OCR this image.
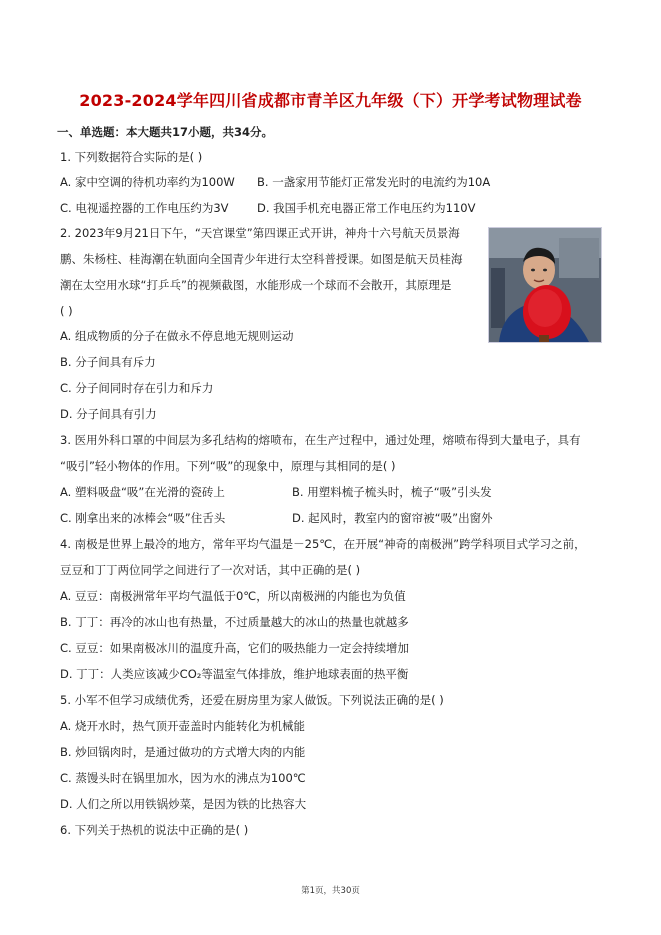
2023-2024学年四川省成都市青羊区九年级（下）开学考试物理试卷
一、单选题：本大题共17小题，共34分。
1. 下列数据符合实际的是( )
A. 家中空调的待机功率约为100W B. 一盏家用节能灯正常发光时的电流约为10A
C. 电视遥控器的工作电压约为3V D. 我国手机充电器正常工作电压约为110V
2. 2023年9月21日下午，“天宫课堂”第四课正式开讲，神舟十六号航天员景海
鹏、朱杨柱、桂海潮在轨面向全国青少年进行太空科普授课。如图是航天员桂海
潮在太空用水球“打乒乓”的视频截图，水能形成一个球而不会散开，其原理是
( )
A. 组成物质的分子在做永不停息地无规则运动
B. 分子间具有斥力
C. 分子间同时存在引力和斥力
D. 分子间具有引力
3. 医用外科口罩的中间层为多孔结构的熔喷布，在生产过程中，通过处理，熔喷布得到大量电子，具有
“吸引”轻小物体的作用。下列“吸”的现象中，原理与其相同的是( )
A. 塑料吸盘“吸”在光滑的瓷砖上	B. 用塑料梳子梳头时，梳子“吸”引头发
C. 刚拿出来的冰棒会“吸”住舌头	D. 起风时，教室内的窗帘被“吸”出窗外
4. 南极是世界上最冷的地方，常年平均气温是－25℃，在开展“神奇的南极洲”跨学科项目式学习之前，
豆豆和丁丁两位同学之间进行了一次对话，其中正确的是( )
A. 豆豆：南极洲常年平均气温低于0℃，所以南极洲的内能也为负值
B. 丁丁：再冷的冰山也有热量，不过质量越大的冰山的热量也就越多
C. 豆豆：如果南极冰川的温度升高，它们的吸热能力一定会持续增加
D. 丁丁：人类应该减少CO₂等温室气体排放，维护地球表面的热平衡
5. 小军不但学习成绩优秀，还爱在厨房里为家人做饭。下列说法正确的是( )
A. 烧开水时，热气顶开壶盖时内能转化为机械能
B. 炒回锅肉时，是通过做功的方式增大肉的内能
C. 蒸馒头时在锅里加水，因为水的沸点为100℃
D. 人们之所以用铁锅炒菜，是因为铁的比热容大
6. 下列关于热机的说法中正确的是( )
第1页，共30页
